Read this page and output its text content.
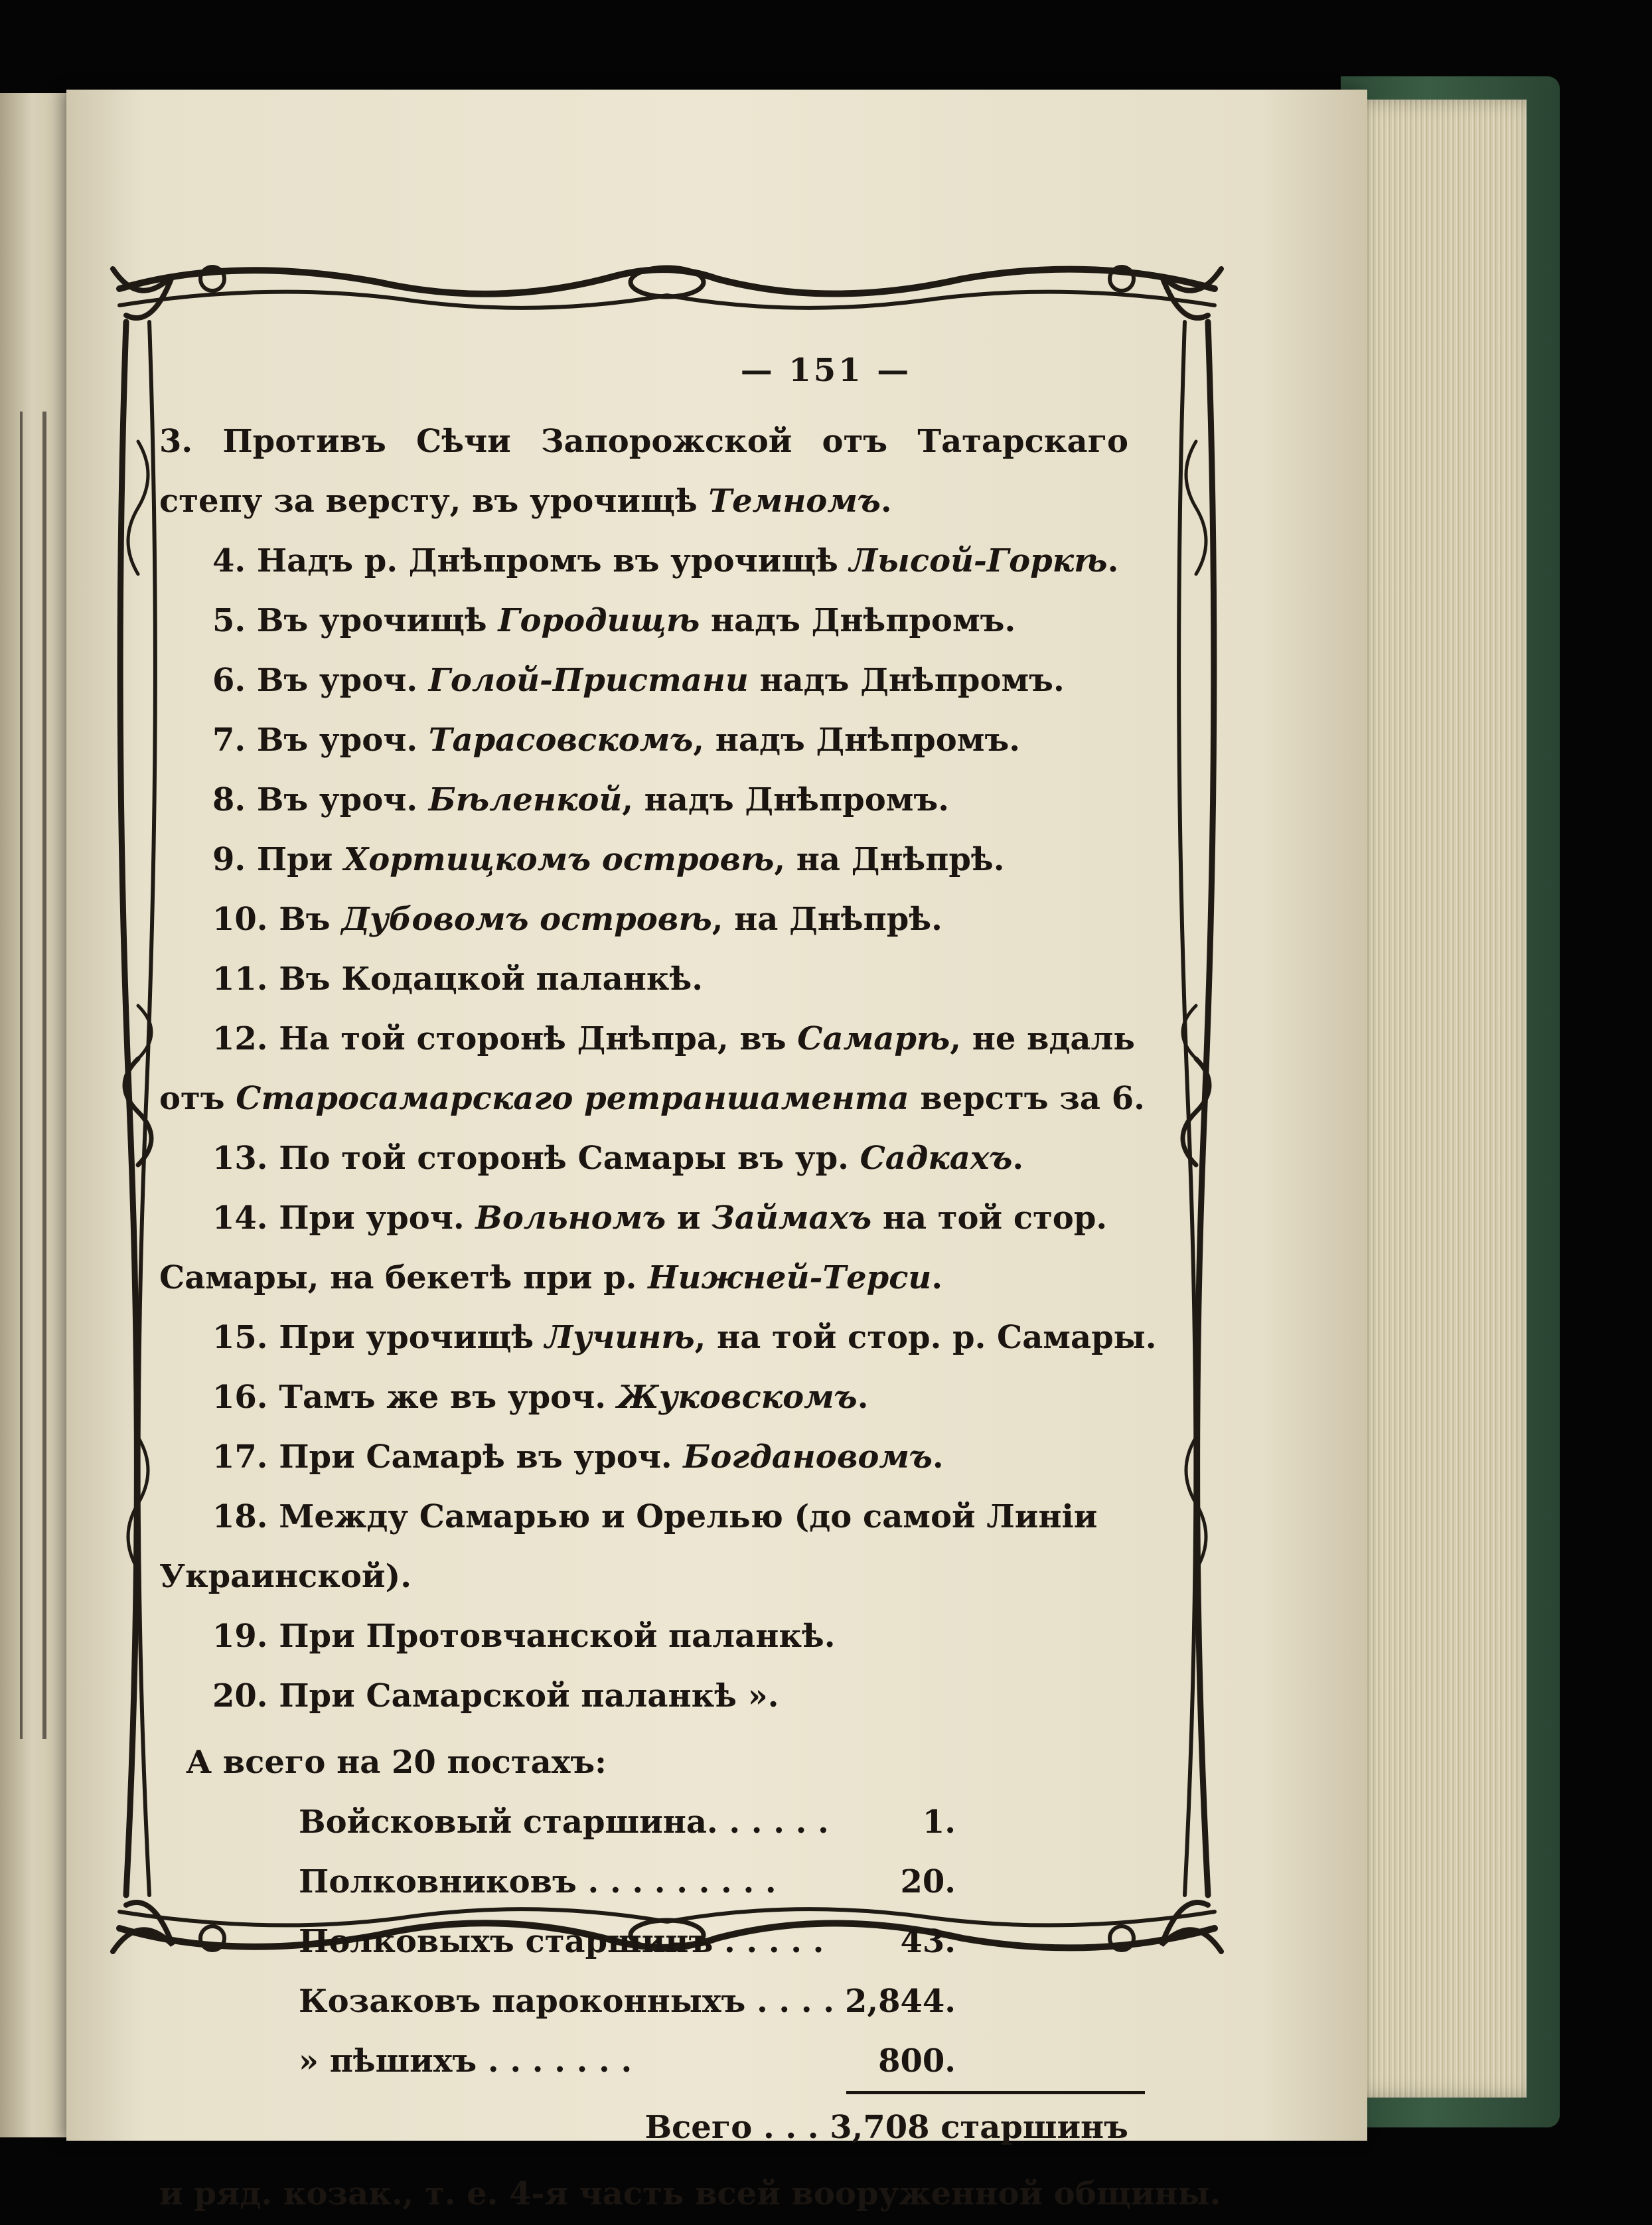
— 151 —
3. Противъ Сѣчи Запорожской отъ Татарскаго
степу за версту, въ урочищѣ Темномъ.
4. Надъ р. Днѣпромъ въ урочищѣ Лысой-Горкѣ.
5. Въ урочищѣ Городищѣ надъ Днѣпромъ.
6. Въ уроч. Голой-Пристани надъ Днѣпромъ.
7. Въ уроч. Тарасовскомъ, надъ Днѣпромъ.
8. Въ уроч. Бѣленкой, надъ Днѣпромъ.
9. При Хортицкомъ островѣ, на Днѣпрѣ.
10. Въ Дубовомъ островѣ, на Днѣпрѣ.
11. Въ Кодацкой паланкѣ.
12. На той сторонѣ Днѣпра, въ Самарѣ, не вдаль
отъ Старосамарскаго ретраншамента верстъ за 6.
13. По той сторонѣ Самары въ ур. Садкахъ.
14. При уроч. Вольномъ и Займахъ на той стор.
Самары, на бекетѣ при р. Нижней-Терси.
15. При урочищѣ Лучинѣ, на той стор. р. Самары.
16. Тамъ же въ уроч. Жуковскомъ.
17. При Самарѣ въ уроч. Богдановомъ.
18. Между Самарью и Орелью (до самой Линіи
Украинской).
19. При Протовчанской паланкѣ.
20. При Самарской паланкѣ ».
А всего на 20 постахъ:
Войсковый старшина. . . . . .	1.
Полковниковъ . . . . . . . . .	20.
Полковыхъ старшинъ . . . . . 43.
Козаковъ пароконныхъ . . . . 2,844.
» пѣшихъ . . . . . . .	800.
Всего . . . 3,708 старшинъ
и ряд. козак., т. е. 4-я часть всей вооруженной общины.
